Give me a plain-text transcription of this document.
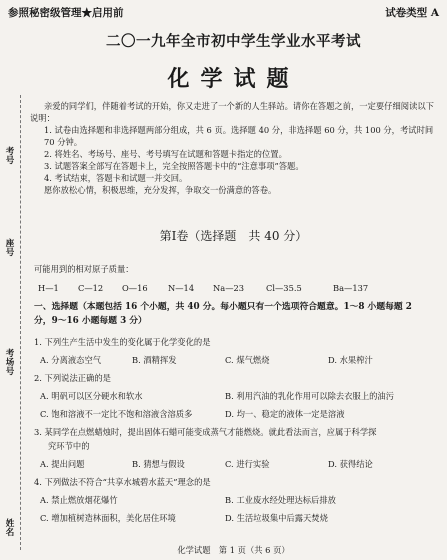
参照秘密级管理★启用前	试卷类型 A
二〇一九年全市初中学生学业水平考试
化学试题
考号
座号
考场号
姓名

亲爱的同学们，伴随着考试的开始，你又走进了一个新的人生驿站。请你在答题之前，一定要仔细阅读以下说明：

1. 试卷由选择题和非选择题两部分组成，共 6 页。选择题 40 分，非选择题 60 分，共 100 分，考试时间 70 分钟。

2. 将姓名、考场号、座号、考号填写在试题和答题卡指定的位置。

3. 试题答案全部写在答题卡上，完全按照答题卡中的“注意事项”答题。

4. 考试结束，答题卡和试题一并交回。

愿你放松心情，积极思维，充分发挥，争取交一份满意的答卷。

第Ⅰ卷（选择题　共 40 分）
可能用到的相对原子质量：
H—1 C—12 O—16 N—14 Na—23	Cl—35.5	Ba—137
一、选择题（本题包括 16 个小题，共 40 分。每小题只有一个选项符合题意。1～8 小题每题 2
分，9～16 小题每题 3 分）
1. 下列生产生活中发生的变化属于化学变化的是
A. 分离液态空气	B. 酒精挥发	C. 煤气燃烧	D. 水果榨汁
2. 下列说法正确的是
A. 明矾可以区分硬水和软水	B. 利用汽油的乳化作用可以除去衣服上的油污
C. 饱和溶液不一定比不饱和溶液含溶质多	D. 均一、稳定的液体一定是溶液
3. 某同学在点燃蜡烛时，提出固体石蜡可能变成蒸气才能燃烧。就此看法而言，应属于科学探
究环节中的
A. 提出问题	B. 猜想与假设	C. 进行实验	D. 获得结论
4. 下列做法不符合“共享水城碧水蓝天”理念的是
A. 禁止燃放烟花爆竹	B. 工业废水经处理达标后排放
C. 增加植树造林面积，美化居住环境	D. 生活垃圾集中后露天焚烧
化学试题　第 1 页（共 6 页）
